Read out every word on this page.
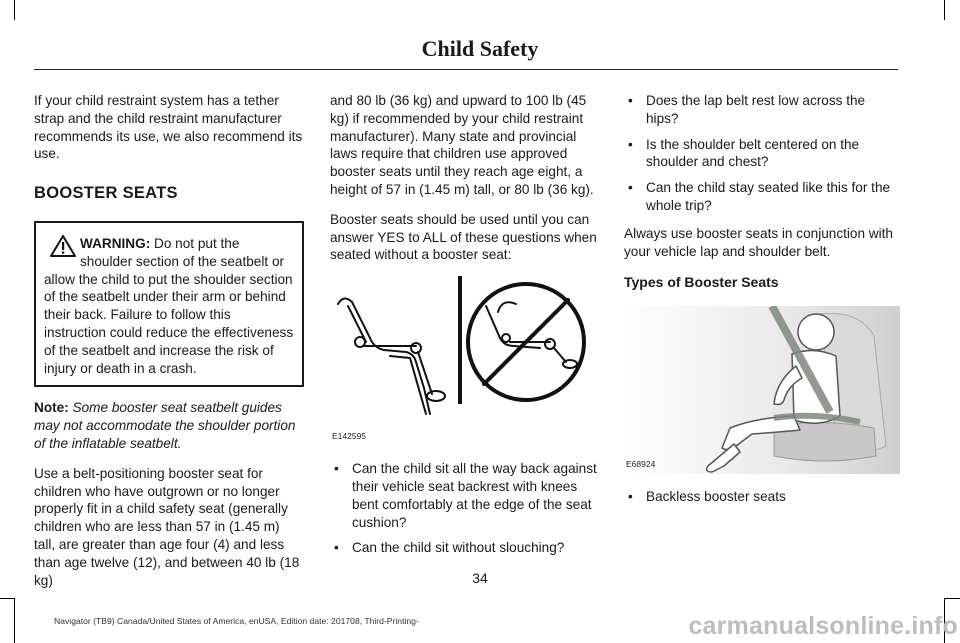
Child Safety

If your child restraint system has a tether strap and the child restraint manufacturer recommends its use, we also recommend its use.

BOOSTER SEATS
WARNING: Do not put the shoulder section of the seatbelt or allow the child to put the shoulder section of the seatbelt under their arm or behind their back. Failure to follow this instruction could reduce the effectiveness of the seatbelt and increase the risk of injury or death in a crash.

Note: Some booster seat seatbelt guides may not accommodate the shoulder portion of the inflatable seatbelt.

Use a belt-positioning booster seat for children who have outgrown or no longer properly fit in a child safety seat (generally children who are less than 57 in (1.45 m) tall, are greater than age four (4) and less than age twelve (12), and between 40 lb (18 kg)

and 80 lb (36 kg) and upward to 100 lb (45 kg) if recommended by your child restraint manufacturer). Many state and provincial laws require that children use approved booster seats until they reach age eight, a height of 57 in (1.45 m) tall, or 80 lb (36 kg).

Booster seats should be used until you can answer YES to ALL of these questions when seated without a booster seat:

E142595
• Can the child sit all the way back against their vehicle seat backrest with knees bent comfortably at the edge of the seat cushion?
• Can the child sit without slouching?
• Does the lap belt rest low across the hips?
• Is the shoulder belt centered on the shoulder and chest?
• Can the child stay seated like this for the whole trip?

Always use booster seats in conjunction with your vehicle lap and shoulder belt.

Types of Booster Seats
E68924
• Backless booster seats
34
Navigator (TB9) Canada/United States of America, enUSA, Edition date: 201708, Third-Printing-	carmanualsonline.info
